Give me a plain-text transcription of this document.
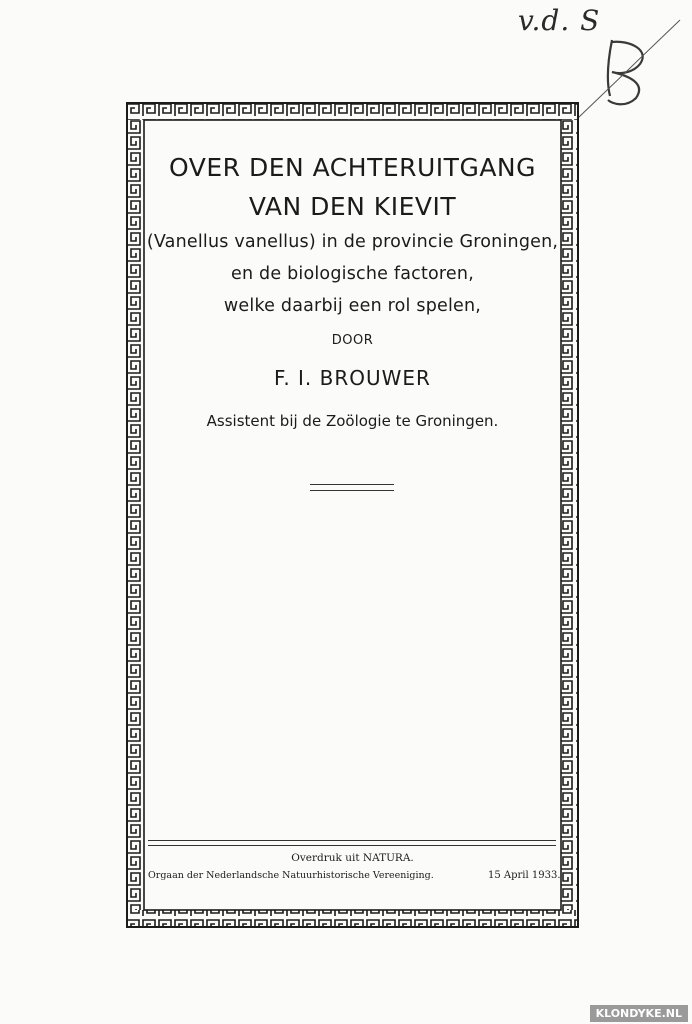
v.d. S
OVER DEN ACHTERUITGANG
VAN DEN KIEVIT
(Vanellus vanellus) in de provincie Groningen,
en de biologische factoren,
welke daarbij een rol spelen,
DOOR
F. I. BROUWER
Assistent bij de Zoölogie te Groningen.
Overdruk uit NATURA.
Orgaan der Nederlandsche Natuurhistorische Vereeniging.	15 April 1933.
KLONDYKE.NL
